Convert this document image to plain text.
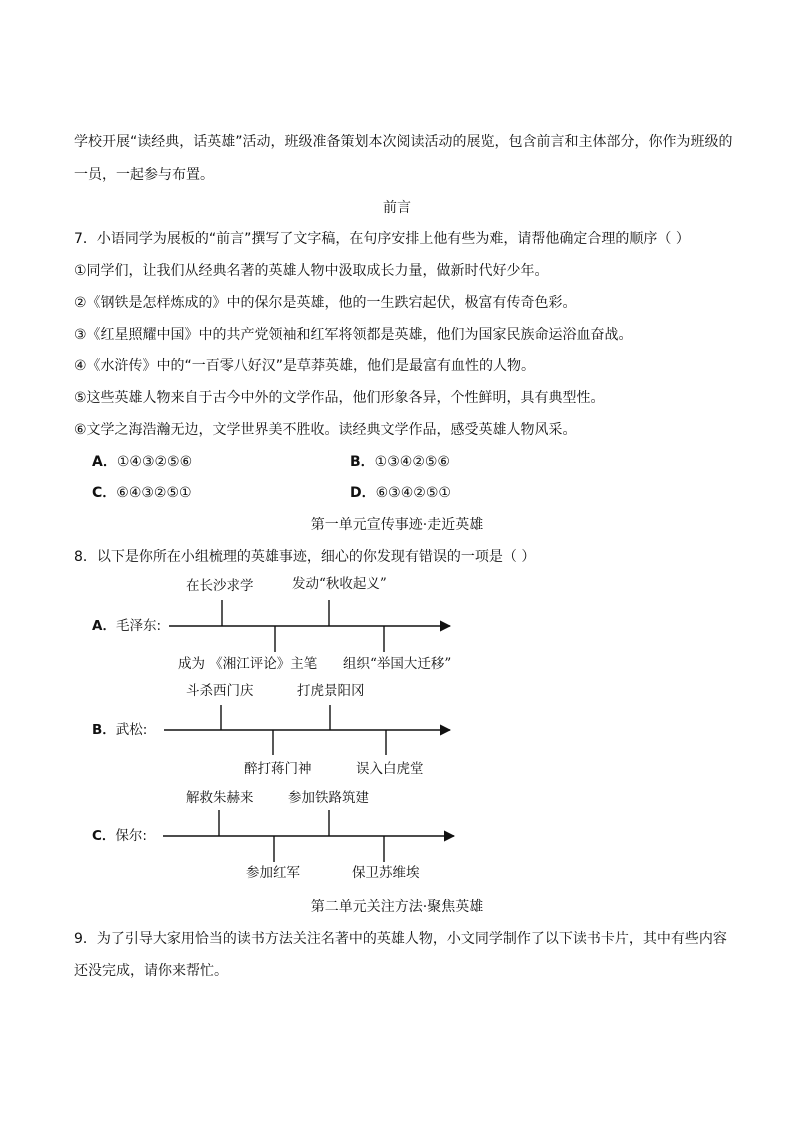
学校开展“读经典，话英雄”活动，班级准备策划本次阅读活动的展览，包含前言和主体部分，你作为班级的
一员，一起参与布置。
前言
7．小语同学为展板的“前言”撰写了文字稿，在句序安排上他有些为难，请帮他确定合理的顺序（ ）
①同学们，让我们从经典名著的英雄人物中汲取成长力量，做新时代好少年。
②《钢铁是怎样炼成的》中的保尔是英雄，他的一生跌宕起伏，极富有传奇色彩。
③《红星照耀中国》中的共产党领袖和红军将领都是英雄，他们为国家民族命运浴血奋战。
④《水浒传》中的“一百零八好汉”是草莽英雄，他们是最富有血性的人物。
⑤这些英雄人物来自于古今中外的文学作品，他们形象各异，个性鲜明，具有典型性。
⑥文学之海浩瀚无边，文学世界美不胜收。读经典文学作品，感受英雄人物风采。
A．①④③②⑤⑥	B．①③④②⑤⑥
C．⑥④③②⑤①	D．⑥③④②⑤①
第一单元宣传事迹·走近英雄
8．以下是你所在小组梳理的英雄事迹，细心的你发现有错误的一项是（ ）
A．毛泽东:
在长沙求学	发动“秋收起义”
成为 《湘江评论》主笔 组织“举国大迁移”
B．武松:
斗杀西门庆	打虎景阳冈
醉打蒋门神	误入白虎堂
C．保尔:
解救朱赫来	参加铁路筑建
参加红军	保卫苏维埃
第二单元关注方法·聚焦英雄
9．为了引导大家用恰当的读书方法关注名著中的英雄人物，小文同学制作了以下读书卡片，其中有些内容
还没完成，请你来帮忙。
